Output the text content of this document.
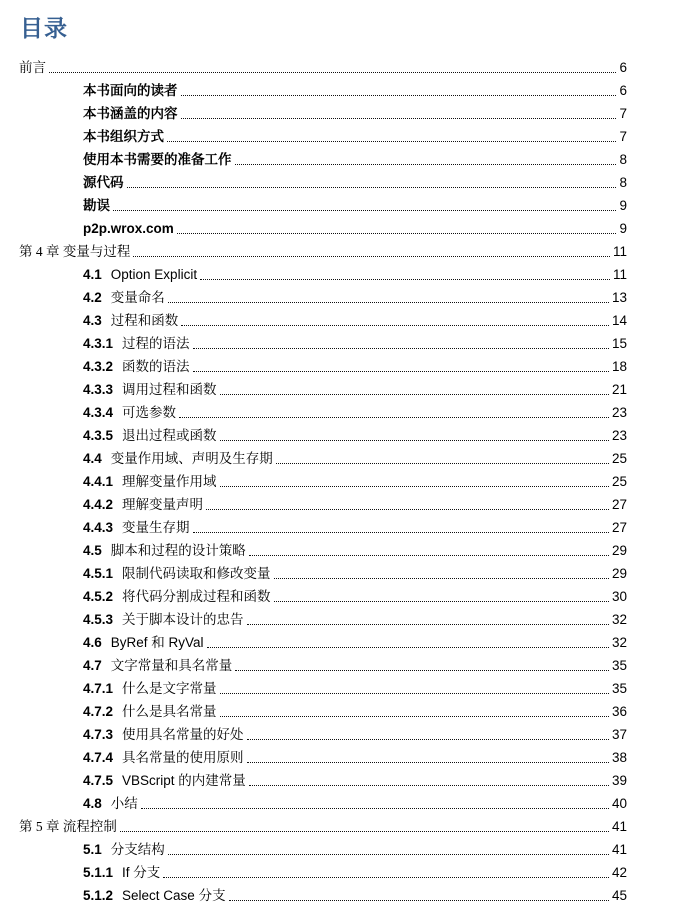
目录
前言	6
本书面向的读者	6
本书涵盖的内容	7
本书组织方式	7
使用本书需要的准备工作	8
源代码	8
勘误	9
p2p.wrox.com	9
第 4 章 变量与过程	11
4.1 Option Explicit	11
4.2 变量命名	13
4.3 过程和函数	14
4.3.1 过程的语法	15
4.3.2 函数的语法	18
4.3.3 调用过程和函数	21
4.3.4 可选参数	23
4.3.5 退出过程或函数	23
4.4 变量作用域、声明及生存期	25
4.4.1 理解变量作用域	25
4.4.2 理解变量声明	27
4.4.3 变量生存期	27
4.5 脚本和过程的设计策略	29
4.5.1 限制代码读取和修改变量	29
4.5.2 将代码分割成过程和函数	30
4.5.3 关于脚本设计的忠告	32
4.6 ByRef 和 RyVal	32
4.7 文字常量和具名常量	35
4.7.1 什么是文字常量	35
4.7.2 什么是具名常量	36
4.7.3 使用具名常量的好处	37
4.7.4 具名常量的使用原则	38
4.7.5 VBScript 的内建常量	39
4.8 小结	40
第 5 章 流程控制	41
5.1 分支结构	41
5.1.1 If 分支	42
5.1.2 Select Case 分支	45
